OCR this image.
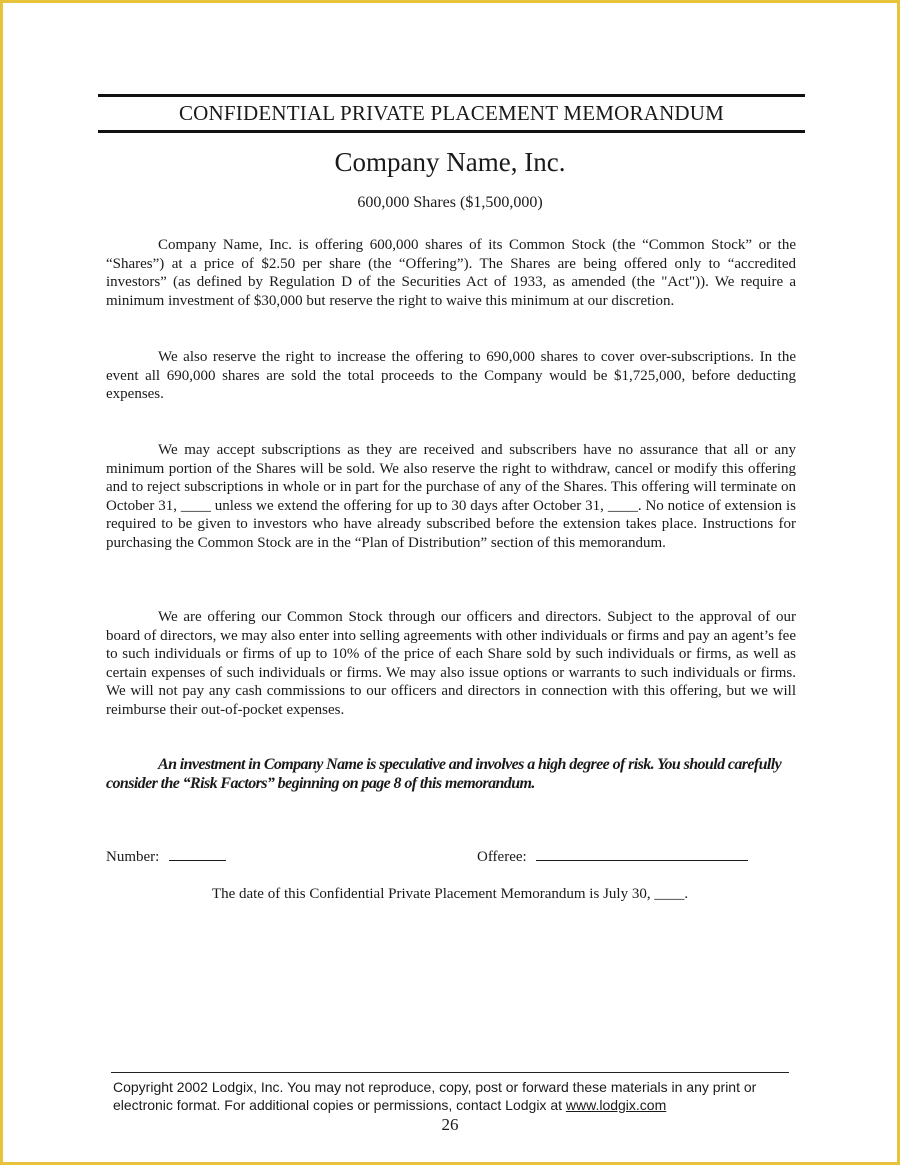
CONFIDENTIAL PRIVATE PLACEMENT MEMORANDUM
Company Name, Inc.
600,000 Shares ($1,500,000)

Company Name, Inc. is offering 600,000 shares of its Common Stock (the “Common Stock” or the “Shares”) at a price of $2.50 per share (the “Offering”). The Shares are being offered only to “accredited investors” (as defined by Regulation D of the Securities Act of 1933, as amended (the "Act")). We require a minimum investment of $30,000 but reserve the right to waive this minimum at our discretion.

We also reserve the right to increase the offering to 690,000 shares to cover over-subscriptions. In the event all 690,000 shares are sold the total proceeds to the Company would be $1,725,000, before deducting expenses.

We may accept subscriptions as they are received and subscribers have no assurance that all or any minimum portion of the Shares will be sold. We also reserve the right to withdraw, cancel or modify this offering and to reject subscriptions in whole or in part for the purchase of any of the Shares. This offering will terminate on October 31, ____ unless we extend the offering for up to 30 days after October 31, ____. No notice of extension is required to be given to investors who have already subscribed before the extension takes place. Instructions for purchasing the Common Stock are in the “Plan of Distribution” section of this memorandum.

We are offering our Common Stock through our officers and directors. Subject to the approval of our board of directors, we may also enter into selling agreements with other individuals or firms and pay an agent’s fee to such individuals or firms of up to 10% of the price of each Share sold by such individuals or firms, as well as certain expenses of such individuals or firms. We may also issue options or warrants to such individuals or firms. We will not pay any cash commissions to our officers and directors in connection with this offering, but we will reimburse their out-of-pocket expenses.

An investment in Company Name is speculative and involves a high degree of risk. You should carefully consider the “Risk Factors” beginning on page 8 of this memorandum.

Number:	Offeree:
The date of this Confidential Private Placement Memorandum is July 30, ____.

Copyright 2002 Lodgix, Inc. You may not reproduce, copy, post or forward these materials in any print or electronic format. For additional copies or permissions, contact Lodgix at www.lodgix.com

26
